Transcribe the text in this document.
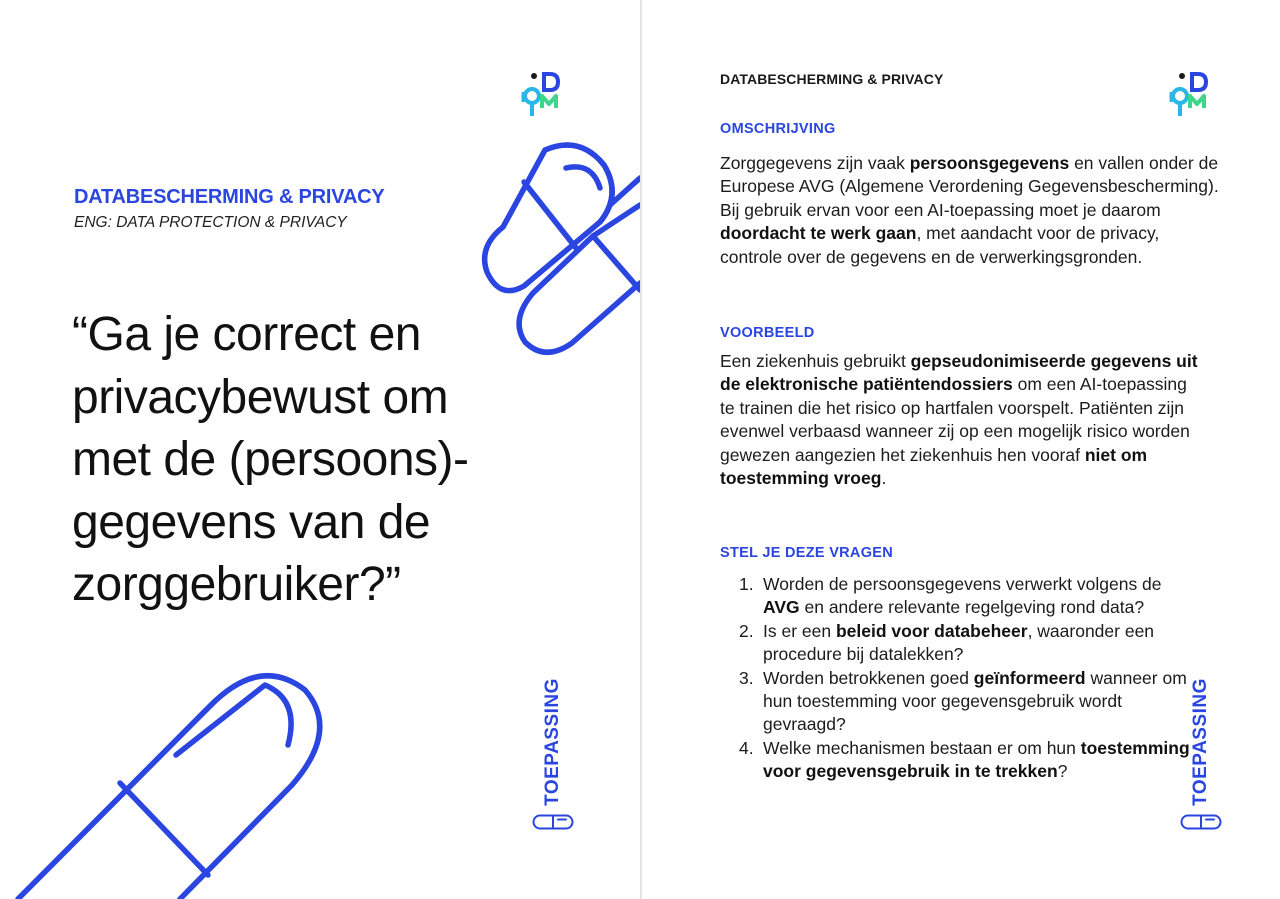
DATABESCHERMING & PRIVACY
ENG: DATA PROTECTION & PRIVACY
“Ga je correct en
privacybewust om
met de (persoons)-
gegevens van de
zorggebruiker?”
TOEPASSING
DATABESCHERMING & PRIVACY
OMSCHRIJVING

Zorggegevens zijn vaak persoonsgegevens en vallen onder de Europese AVG (Algemene Verordening Gegevensbescherming). Bij gebruik ervan voor een AI-toepassing moet je daarom doordacht te werk gaan, met aandacht voor de privacy, controle over de gegevens en de verwerkingsgronden.

VOORBEELD

Een ziekenhuis gebruikt gepseudonimiseerde gegevens uit de elektronische patiëntendossiers om een AI-toepassing te trainen die het risico op hartfalen voorspelt. Patiënten zijn evenwel verbaasd wanneer zij op een mogelijk risico worden gewezen aangezien het ziekenhuis hen vooraf niet om toestemming vroeg.

STEL JE DEZE VRAGEN
1. Worden de persoonsgegevens verwerkt volgens de AVG en andere relevante regelgeving rond data?
2. Is er een beleid voor databeheer, waaronder een procedure bij datalekken?
3. Worden betrokkenen goed geïnformeerd wanneer om hun toestemming voor gegevensgebruik wordt gevraagd?
4. Welke mechanismen bestaan er om hun toestemming voor gegevensgebruik in te trekken?	TOEPASSING
